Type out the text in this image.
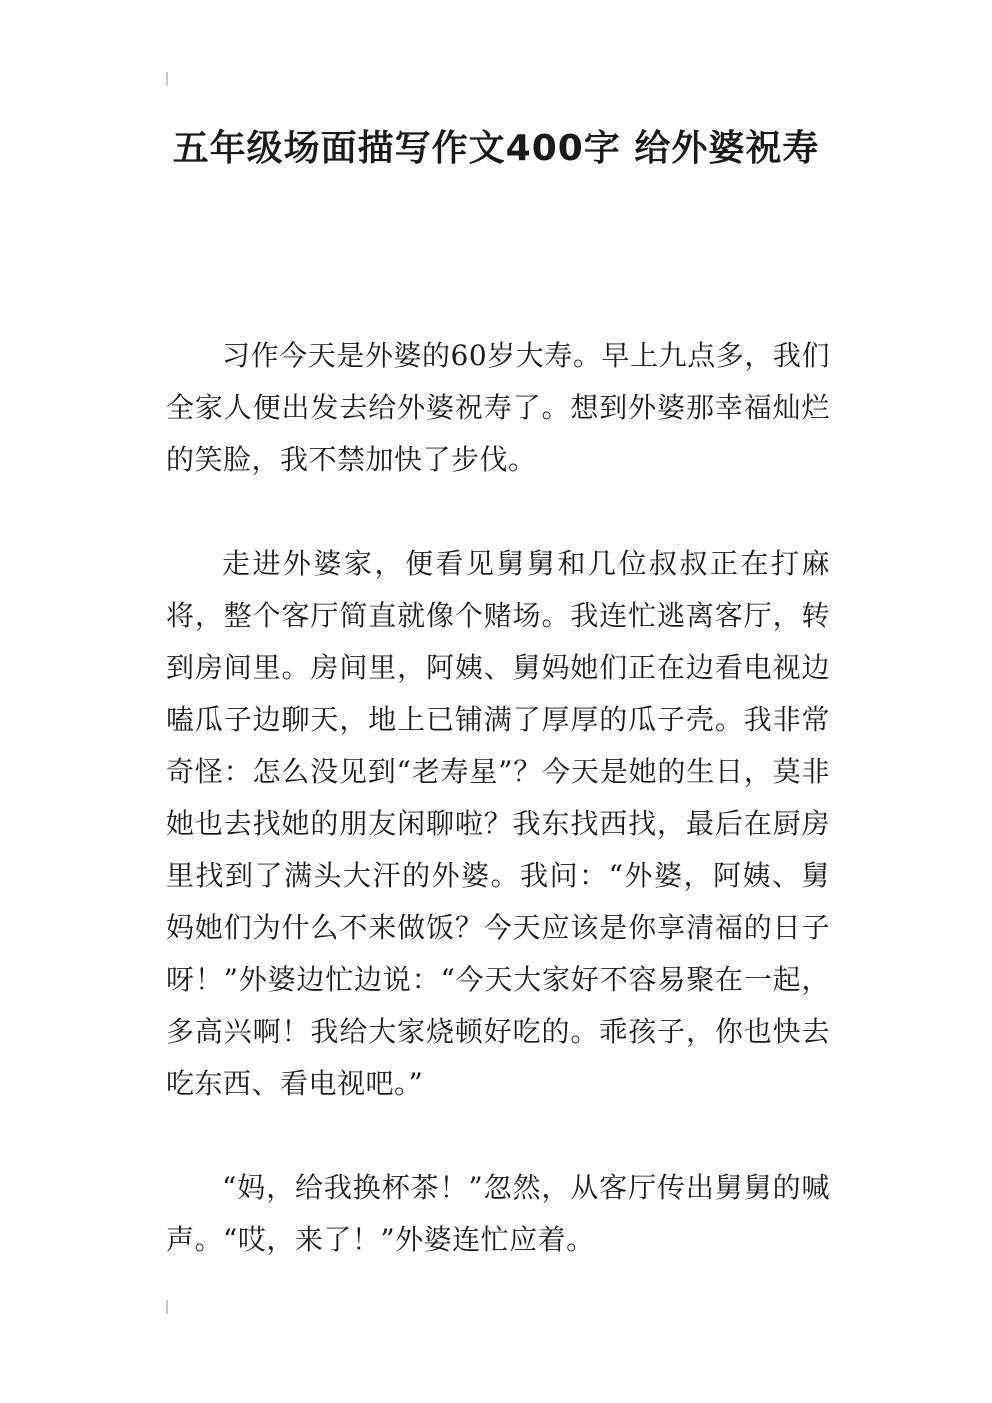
五年级场面描写作文400字 给外婆祝寿

习作今天是外婆的60岁大寿。早上九点多，我们全家人便出发去给外婆祝寿了。想到外婆那幸福灿烂的笑脸，我不禁加快了步伐。

走进外婆家，便看见舅舅和几位叔叔正在打麻将，整个客厅简直就像个赌场。我连忙逃离客厅，转到房间里。房间里，阿姨、舅妈她们正在边看电视边嗑瓜子边聊天，地上已铺满了厚厚的瓜子壳。我非常奇怪：怎么没见到“老寿星”？今天是她的生日，莫非她也去找她的朋友闲聊啦？我东找西找，最后在厨房里找到了满头大汗的外婆。我问：“外婆，阿姨、舅妈她们为什么不来做饭？今天应该是你享清福的日子呀！”外婆边忙边说：“今天大家好不容易聚在一起，多高兴啊！我给大家烧顿好吃的。乖孩子，你也快去吃东西、看电视吧。”

“妈，给我换杯茶！”忽然，从客厅传出舅舅的喊声。“哎，来了！”外婆连忙应着。
